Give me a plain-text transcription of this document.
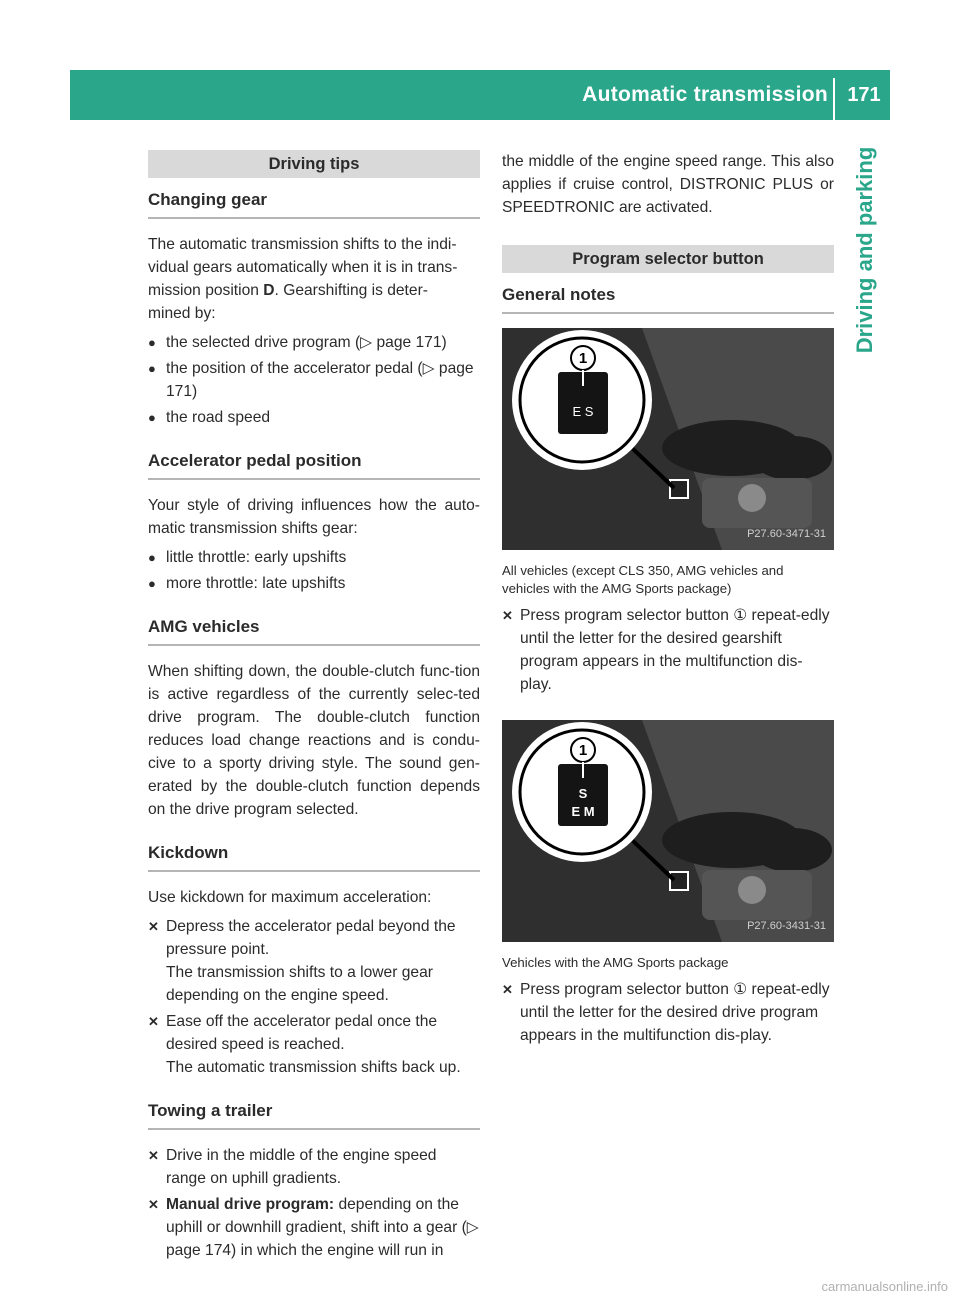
Automatic transmission 171
Driving and parking
Driving tips
Changing gear
The automatic transmission shifts to the indi-
vidual gears automatically when it is in trans-
mission position D. Gearshifting is deter-
mined by:
● the selected drive program (▷ page 171)
● the position of the accelerator pedal (▷ page 171)
● the road speed
Accelerator pedal position
Your style of driving influences how the auto-matic transmission shifts gear:
● little throttle: early upshifts
● more throttle: late upshifts
AMG vehicles
When shifting down, the double-clutch func-tion is active regardless of the currently selec-ted drive program. The double-clutch function reduces load change reactions and is condu-cive to a sporty driving style. The sound gen-erated by the double-clutch function depends on the drive program selected.
Kickdown
Use kickdown for maximum acceleration:
✕ Depress the accelerator pedal beyond the pressure point.
The transmission shifts to a lower gear depending on the engine speed.
✕ Ease off the accelerator pedal once the desired speed is reached.
The automatic transmission shifts back up.
Towing a trailer
✕ Drive in the middle of the engine speed range on uphill gradients.
✕ Manual drive program: depending on the uphill or downhill gradient, shift into a gear (▷ page 174) in which the engine will run in
the middle of the engine speed range. This also applies if cruise control, DISTRONIC PLUS or SPEEDTRONIC are activated.
Program selector button
General notes
1
E S
P27.60-3471-31
All vehicles (except CLS 350, AMG vehicles and vehicles with the AMG Sports package)
✕ Press program selector button ① repeat-edly until the letter for the desired gearshift program appears in the multifunction dis-play.
1
S
E M
P27.60-3431-31
Vehicles with the AMG Sports package
✕ Press program selector button ① repeat-edly until the letter for the desired drive program appears in the multifunction dis-play.
carmanualsonline.info
